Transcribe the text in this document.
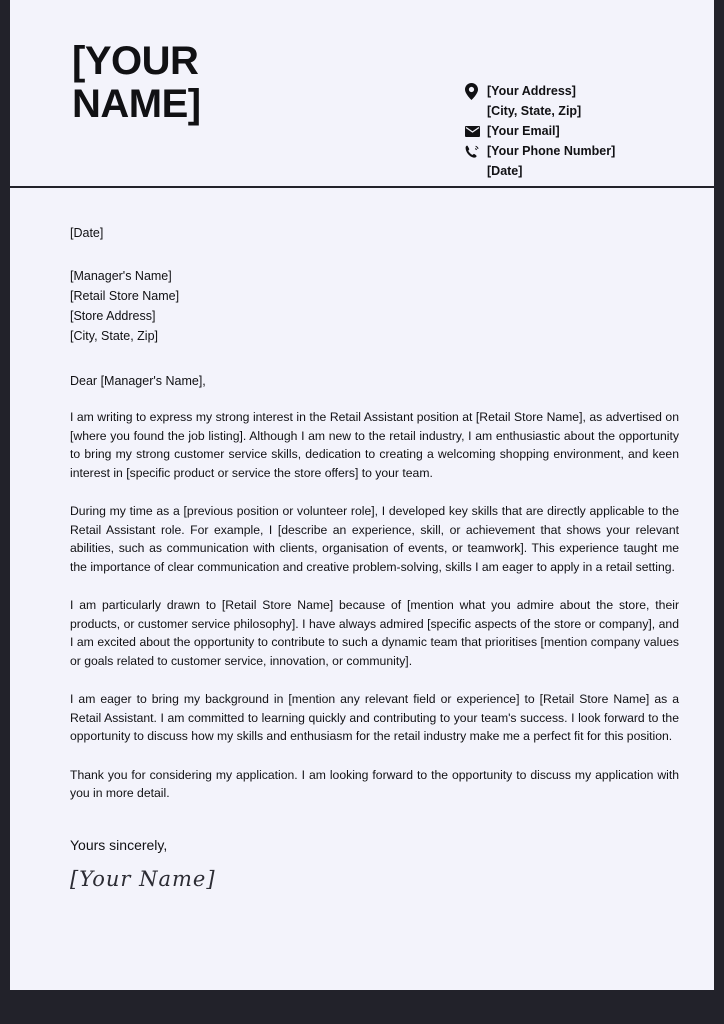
[YOUR
NAME]	[Your Address]
[City, State, Zip]
[Your Email]
[Your Phone Number]
[Date]
[Date]
[Manager's Name]
[Retail Store Name]
[Store Address]
[City, State, Zip]
Dear [Manager's Name],

I am writing to express my strong interest in the Retail Assistant position at [Retail Store Name], as advertised on [where you found the job listing]. Although I am new to the retail industry, I am enthusiastic about the opportunity to bring my strong customer service skills, dedication to creating a welcoming shopping environment, and keen interest in [specific product or service the store offers] to your team.

During my time as a [previous position or volunteer role], I developed key skills that are directly applicable to the Retail Assistant role. For example, I [describe an experience, skill, or achievement that shows your relevant abilities, such as communication with clients, organisation of events, or teamwork]. This experience taught me the importance of clear communication and creative problem-solving, skills I am eager to apply in a retail setting.

I am particularly drawn to [Retail Store Name] because of [mention what you admire about the store, their products, or customer service philosophy]. I have always admired [specific aspects of the store or company], and I am excited about the opportunity to contribute to such a dynamic team that prioritises [mention company values or goals related to customer service, innovation, or community].

I am eager to bring my background in [mention any relevant field or experience] to [Retail Store Name] as a Retail Assistant. I am committed to learning quickly and contributing to your team's success. I look forward to the opportunity to discuss how my skills and enthusiasm for the retail industry make me a perfect fit for this position.

Thank you for considering my application. I am looking forward to the opportunity to discuss my application with you in more detail.

Yours sincerely,
[Your Name]
